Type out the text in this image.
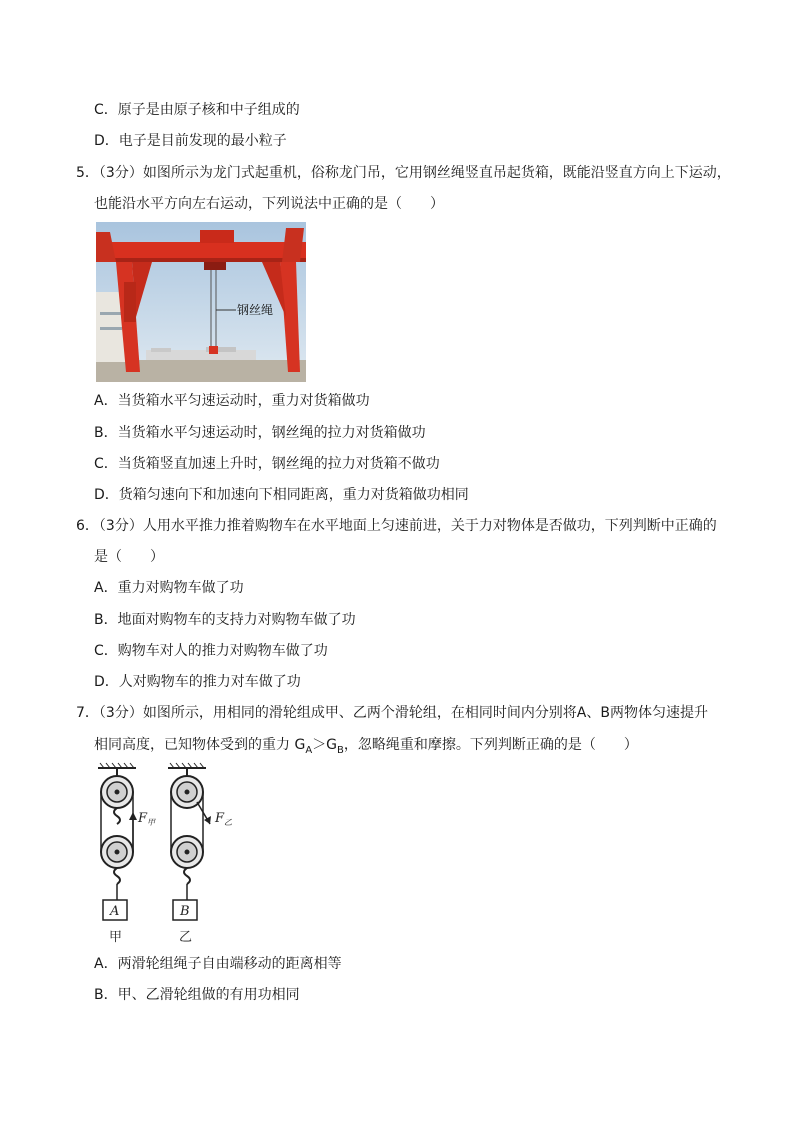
C．原子是由原子核和中子组成的
D．电子是目前发现的最小粒子
5．（3分）如图所示为龙门式起重机，俗称龙门吊，它用钢丝绳竖直吊起货箱，既能沿竖直方向上下运动，
也能沿水平方向左右运动，下列说法中正确的是（　　）
钢丝绳
A．当货箱水平匀速运动时，重力对货箱做功
B．当货箱水平匀速运动时，钢丝绳的拉力对货箱做功
C．当货箱竖直加速上升时，钢丝绳的拉力对货箱不做功
D．货箱匀速向下和加速向下相同距离，重力对货箱做功相同
6．（3分）人用水平推力推着购物车在水平地面上匀速前进，关于力对物体是否做功，下列判断中正确的
是（　　）
A．重力对购物车做了功
B．地面对购物车的支持力对购物车做了功
C．购物车对人的推力对购物车做了功
D．人对购物车的推力对车做了功
7．（3分）如图所示，用相同的滑轮组成甲、乙两个滑轮组，在相同时间内分别将A、B两物体匀速提升
相同高度，已知物体受到的重力 $G_A>G_B$，忽略绳重和摩擦。下列判断正确的是（　　）
$F_甲$
A
甲
$F_乙$
B
乙
A．两滑轮组绳子自由端移动的距离相等
B．甲、乙滑轮组做的有用功相同
